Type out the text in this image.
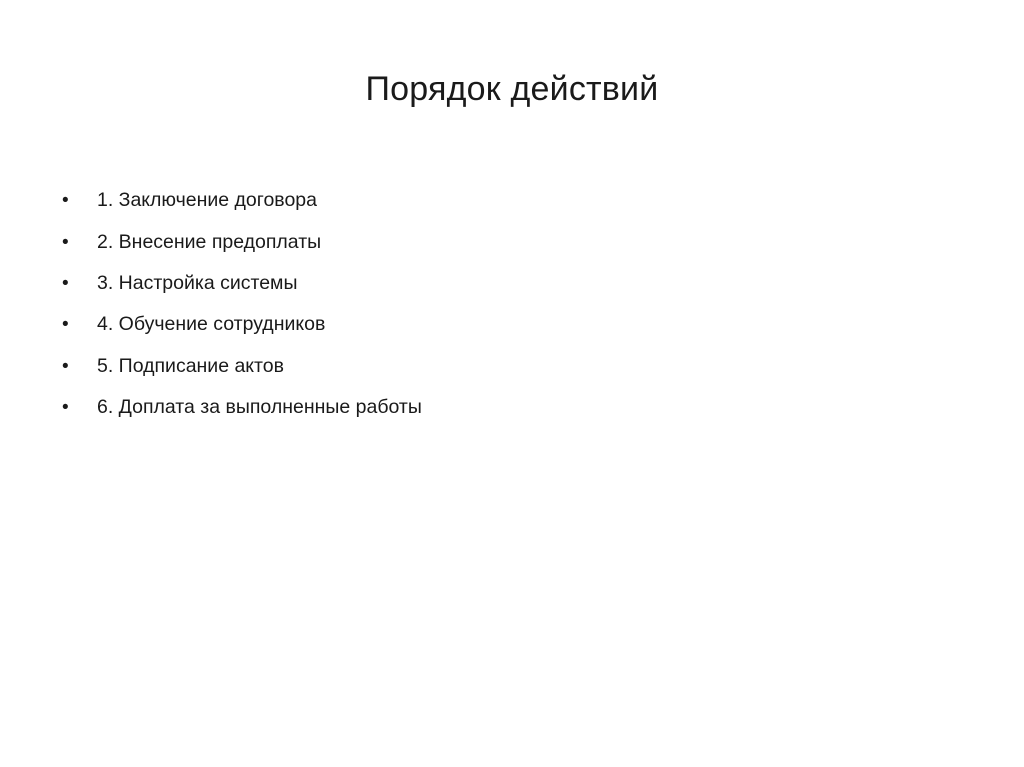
Порядок действий
•	1. Заключение договора
•	2. Внесение предоплаты
•	3. Настройка системы
•	4. Обучение сотрудников
•	5. Подписание актов
•	6. Доплата за выполненные работы
